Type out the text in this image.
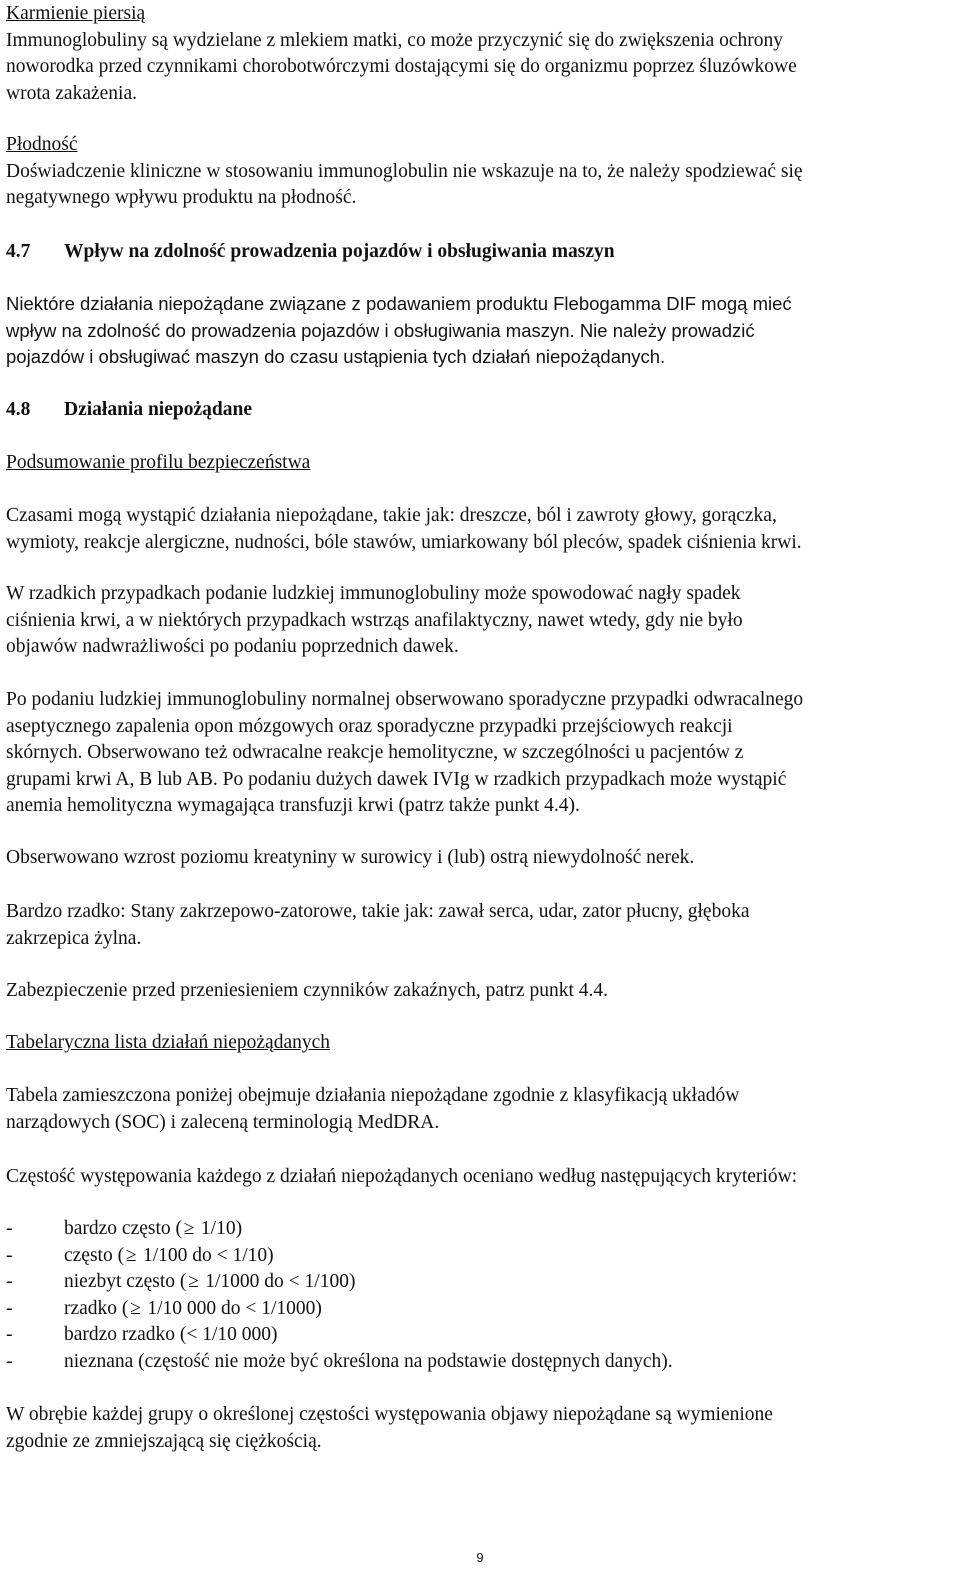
Karmienie piersią
Immunoglobuliny są wydzielane z mlekiem matki, co może przyczynić się do zwiększenia ochrony
noworodka przed czynnikami chorobotwórczymi dostającymi się do organizmu poprzez śluzówkowe
wrota zakażenia.
Płodność
Doświadczenie kliniczne w stosowaniu immunoglobulin nie wskazuje na to, że należy spodziewać się
negatywnego wpływu produktu na płodność.
4.7	Wpływ na zdolność prowadzenia pojazdów i obsługiwania maszyn
Niektóre działania niepożądane związane z podawaniem produktu Flebogamma DIF mogą mieć
wpływ na zdolność do prowadzenia pojazdów i obsługiwania maszyn. Nie należy prowadzić
pojazdów i obsługiwać maszyn do czasu ustąpienia tych działań niepożądanych.
4.8	Działania niepożądane
Podsumowanie profilu bezpieczeństwa
Czasami mogą wystąpić działania niepożądane, takie jak: dreszcze, ból i zawroty głowy, gorączka,
wymioty, reakcje alergiczne, nudności, bóle stawów, umiarkowany ból pleców, spadek ciśnienia krwi.
W rzadkich przypadkach podanie ludzkiej immunoglobuliny może spowodować nagły spadek
ciśnienia krwi, a w niektórych przypadkach wstrząs anafilaktyczny, nawet wtedy, gdy nie było
objawów nadwrażliwości po podaniu poprzednich dawek.
Po podaniu ludzkiej immunoglobuliny normalnej obserwowano sporadyczne przypadki odwracalnego
aseptycznego zapalenia opon mózgowych oraz sporadyczne przypadki przejściowych reakcji
skórnych. Obserwowano też odwracalne reakcje hemolityczne, w szczególności u pacjentów z
grupami krwi A, B lub AB. Po podaniu dużych dawek IVIg w rzadkich przypadkach może wystąpić
anemia hemolityczna wymagająca transfuzji krwi (patrz także punkt 4.4).
Obserwowano wzrost poziomu kreatyniny w surowicy i (lub) ostrą niewydolność nerek.
Bardzo rzadko: Stany zakrzepowo-zatorowe, takie jak: zawał serca, udar, zator płucny, głęboka
zakrzepica żylna.
Zabezpieczenie przed przeniesieniem czynników zakaźnych, patrz punkt 4.4.
Tabelaryczna lista działań niepożądanych
Tabela zamieszczona poniżej obejmuje działania niepożądane zgodnie z klasyfikacją układów
narządowych (SOC) i zaleceną terminologią MedDRA.
Częstość występowania każdego z działań niepożądanych oceniano według następujących kryteriów:
-	bardzo często (≥ 1/10)
-	często (≥ 1/100 do < 1/10)
-	niezbyt często (≥ 1/1000 do < 1/100)
-	rzadko (≥ 1/10 000 do < 1/1000)
-	bardzo rzadko (< 1/10 000)
-	nieznana (częstość nie może być określona na podstawie dostępnych danych).
W obrębie każdej grupy o określonej częstości występowania objawy niepożądane są wymienione
zgodnie ze zmniejszającą się ciężkością.
9
